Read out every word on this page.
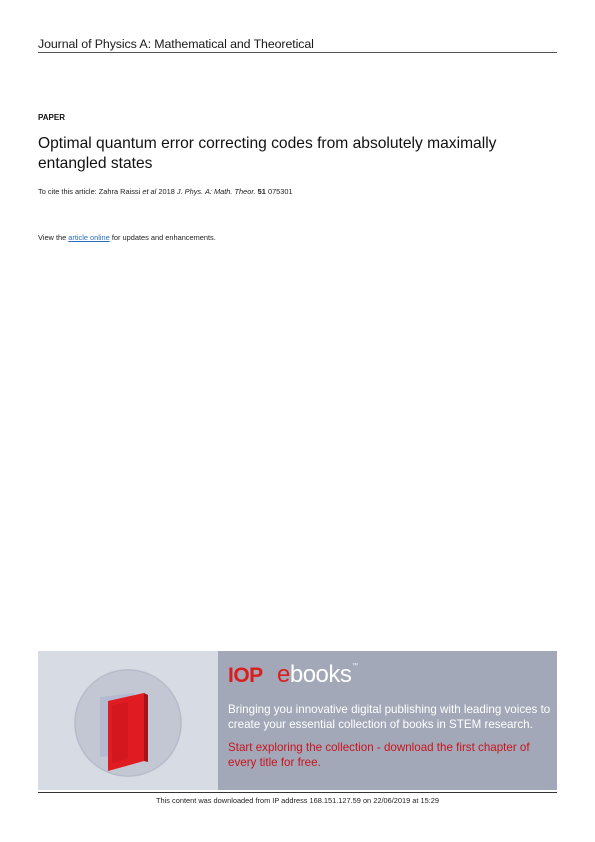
Journal of Physics A: Mathematical and Theoretical
PAPER
Optimal quantum error correcting codes from absolutely maximally entangled states
To cite this article: Zahra Raissi et al 2018 J. Phys. A: Math. Theor. 51 075301
View the article online for updates and enhancements.
IOP ebooks ™
Bringing you innovative digital publishing with leading voices to create your essential collection of books in STEM research.
Start exploring the collection - download the first chapter of every title for free.
This content was downloaded from IP address 168.151.127.59 on 22/06/2019 at 15:29
